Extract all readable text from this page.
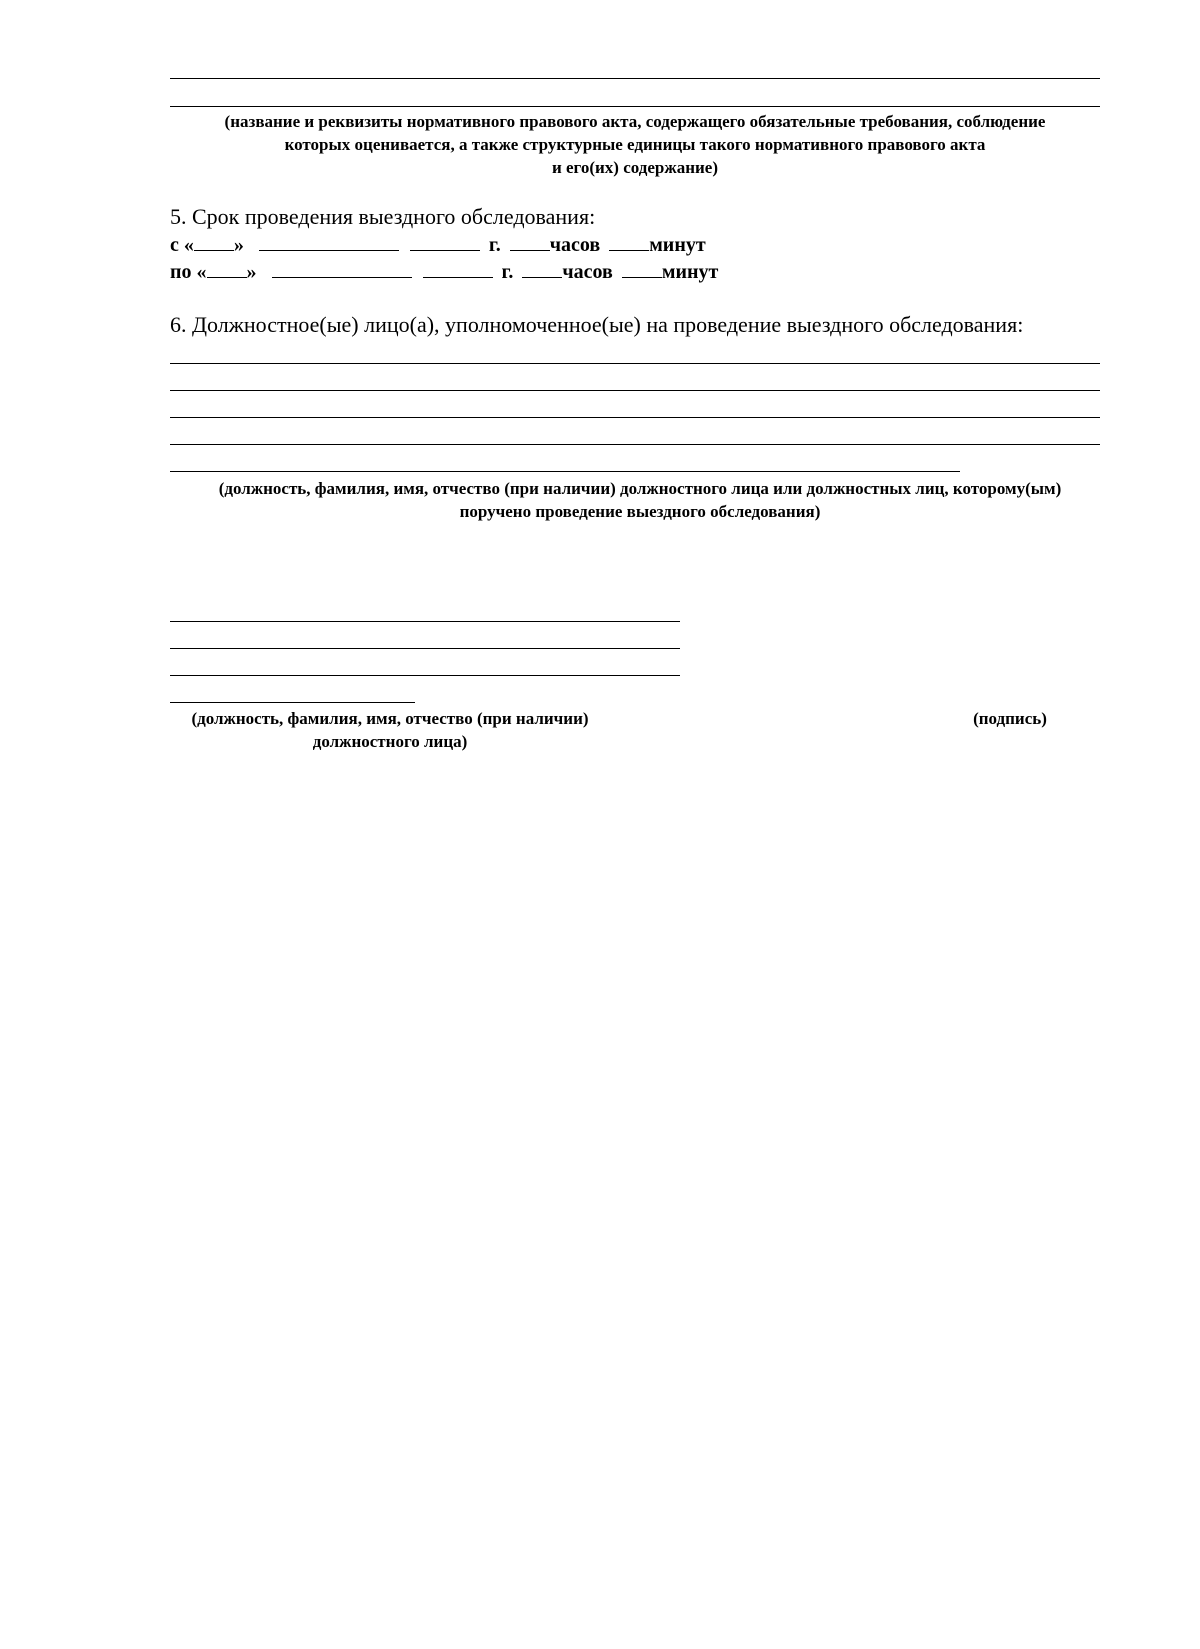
(название и реквизиты нормативного правового акта, содержащего обязательные требования, соблюдение
которых оценивается, а также структурные единицы такого нормативного правового акта
и его(их) содержание)
5. Срок проведения выездного обследования:
с « »	г. часов минут
по « »	г. часов минут
6. Должностное(ые) лицо(а), уполномоченное(ые) на проведение выездного обследования:
(должность, фамилия, имя, отчество (при наличии) должностного лица или должностных лиц, которому(ым)
поручено проведение выездного обследования)
(должность, фамилия, имя, отчество (при наличии)
должностного лица)
(подпись)
